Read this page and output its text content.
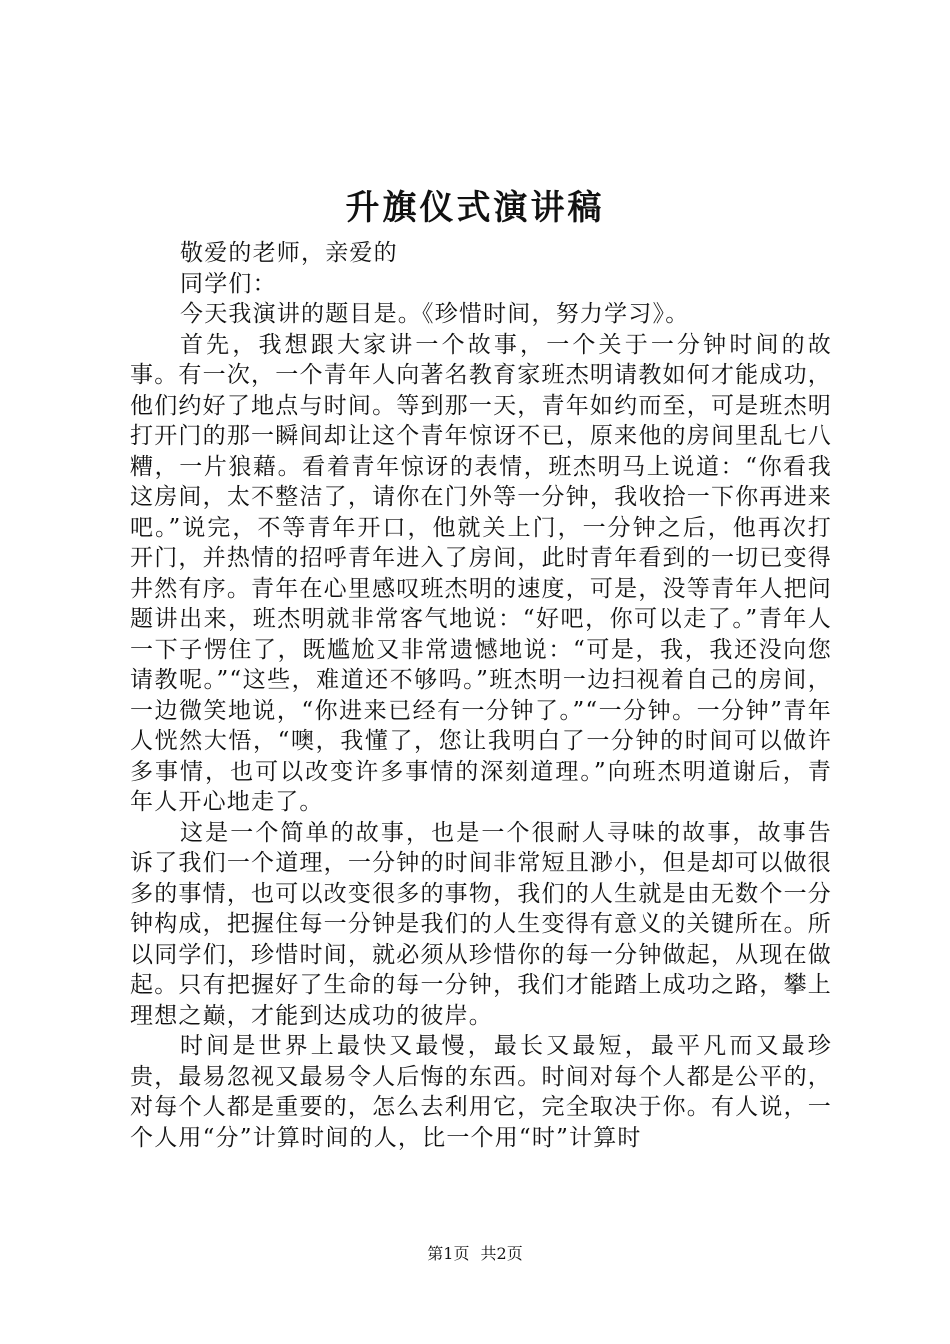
升旗仪式演讲稿

敬爱的老师，亲爱的

同学们：

今天我演讲的题目是。《珍惜时间，努力学习》。

首先，我想跟大家讲一个故事，一个关于一分钟时间的故事。有一次，一个青年人向著名教育家班杰明请教如何才能成功，他们约好了地点与时间。等到那一天，青年如约而至，可是班杰明打开门的那一瞬间却让这个青年惊讶不已，原来他的房间里乱七八糟，一片狼藉。看着青年惊讶的表情，班杰明马上说道：“你看我这房间，太不整洁了，请你在门外等一分钟，我收拾一下你再进来吧。”说完，不等青年开口，他就关上门，一分钟之后，他再次打开门，并热情的招呼青年进入了房间，此时青年看到的一切已变得井然有序。青年在心里感叹班杰明的速度，可是，没等青年人把问题讲出来，班杰明就非常客气地说：“好吧，你可以走了。”青年人一下子愣住了，既尴尬又非常遗憾地说：“可是，我，我还没向您请教呢。”“这些，难道还不够吗。”班杰明一边扫视着自己的房间，一边微笑地说，“你进来已经有一分钟了。”“一分钟。一分钟”青年人恍然大悟，“噢，我懂了，您让我明白了一分钟的时间可以做许多事情，也可以改变许多事情的深刻道理。”向班杰明道谢后，青年人开心地走了。

这是一个简单的故事，也是一个很耐人寻味的故事，故事告诉了我们一个道理，一分钟的时间非常短且渺小，但是却可以做很多的事情，也可以改变很多的事物，我们的人生就是由无数个一分钟构成，把握住每一分钟是我们的人生变得有意义的关键所在。所以同学们，珍惜时间，就必须从珍惜你的每一分钟做起，从现在做起。只有把握好了生命的每一分钟，我们才能踏上成功之路，攀上理想之巅，才能到达成功的彼岸。

时间是世界上最快又最慢，最长又最短，最平凡而又最珍贵，最易忽视又最易令人后悔的东西。时间对每个人都是公平的，对每个人都是重要的，怎么去利用它，完全取决于你。有人说，一个人用“分”计算时间的人，比一个用“时”计算时

第1页 共2页
